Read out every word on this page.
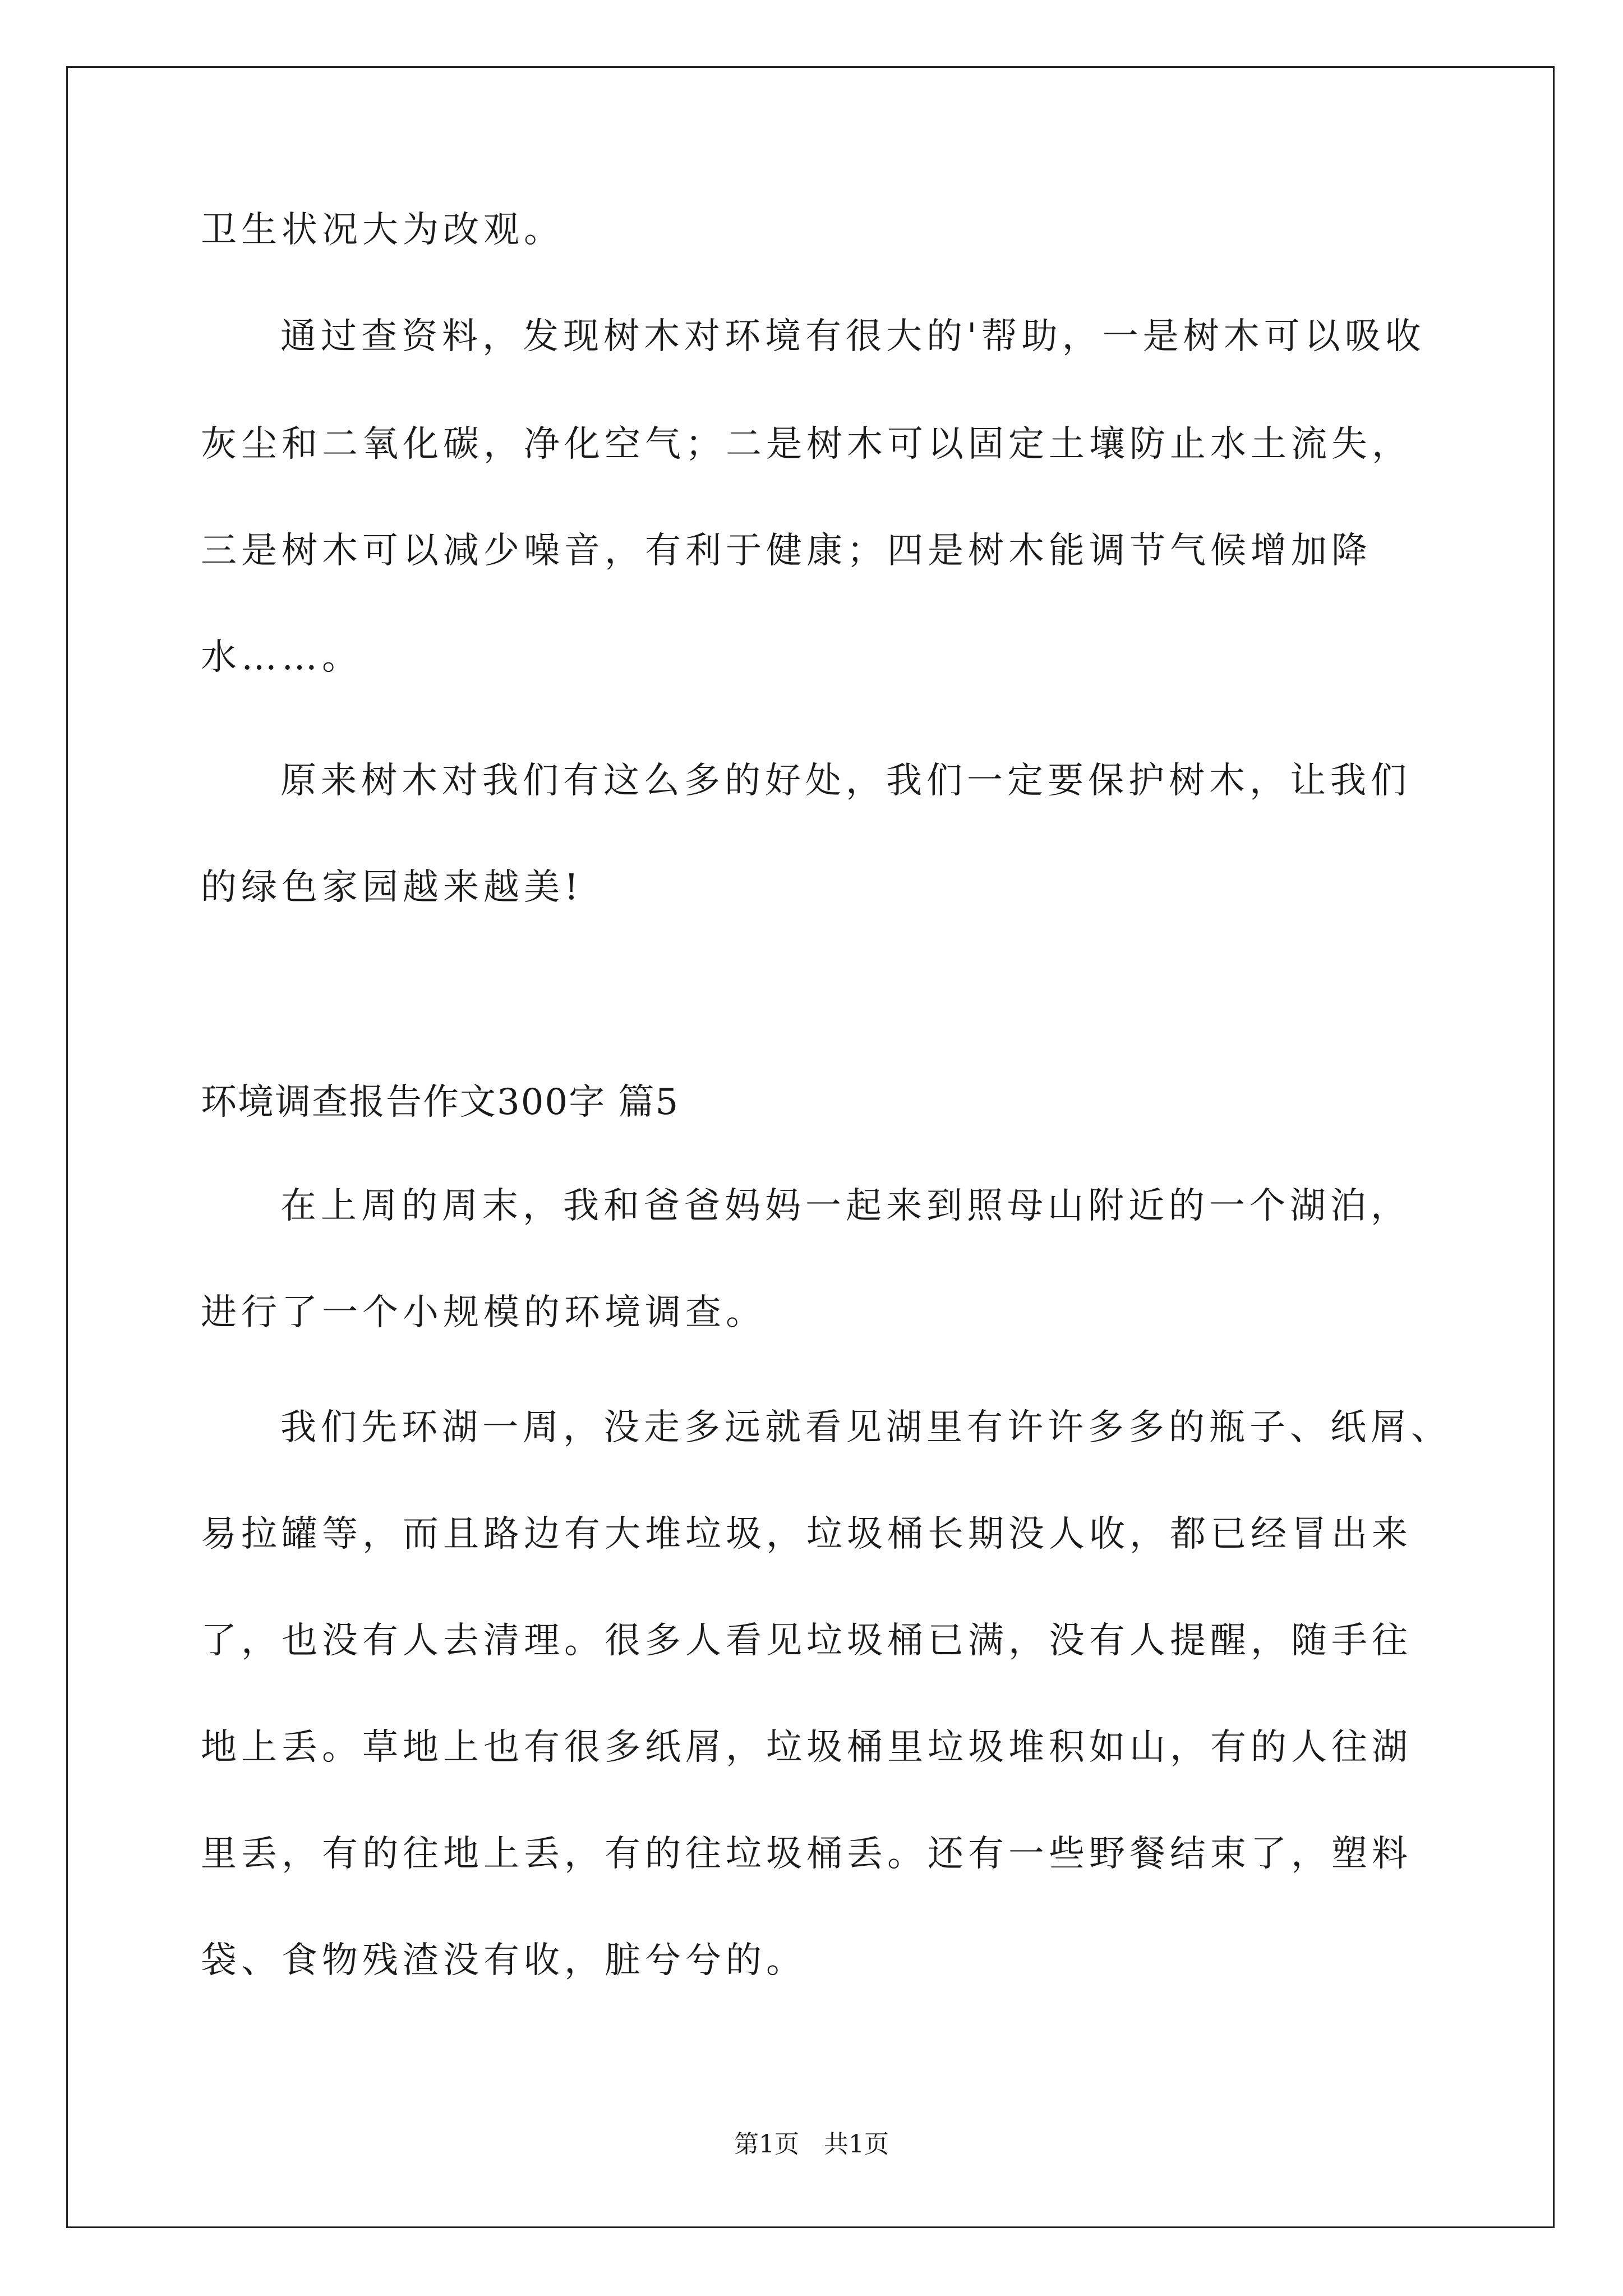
卫生状况大为改观。
通过查资料，发现树木对环境有很大的'帮助，一是树木可以吸收
灰尘和二氧化碳，净化空气；二是树木可以固定土壤防止水土流失，
三是树木可以减少噪音，有利于健康；四是树木能调节气候增加降
水……。
原来树木对我们有这么多的好处，我们一定要保护树木，让我们
的绿色家园越来越美!
环境调查报告作文300字 篇5
在上周的周末，我和爸爸妈妈一起来到照母山附近的一个湖泊，
进行了一个小规模的环境调查。
我们先环湖一周，没走多远就看见湖里有许许多多的瓶子、纸屑、
易拉罐等，而且路边有大堆垃圾，垃圾桶长期没人收，都已经冒出来
了，也没有人去清理。很多人看见垃圾桶已满，没有人提醒，随手往
地上丢。草地上也有很多纸屑，垃圾桶里垃圾堆积如山，有的人往湖
里丢，有的往地上丢，有的往垃圾桶丢。还有一些野餐结束了，塑料
袋、食物残渣没有收，脏兮兮的。
第1页　共1页
